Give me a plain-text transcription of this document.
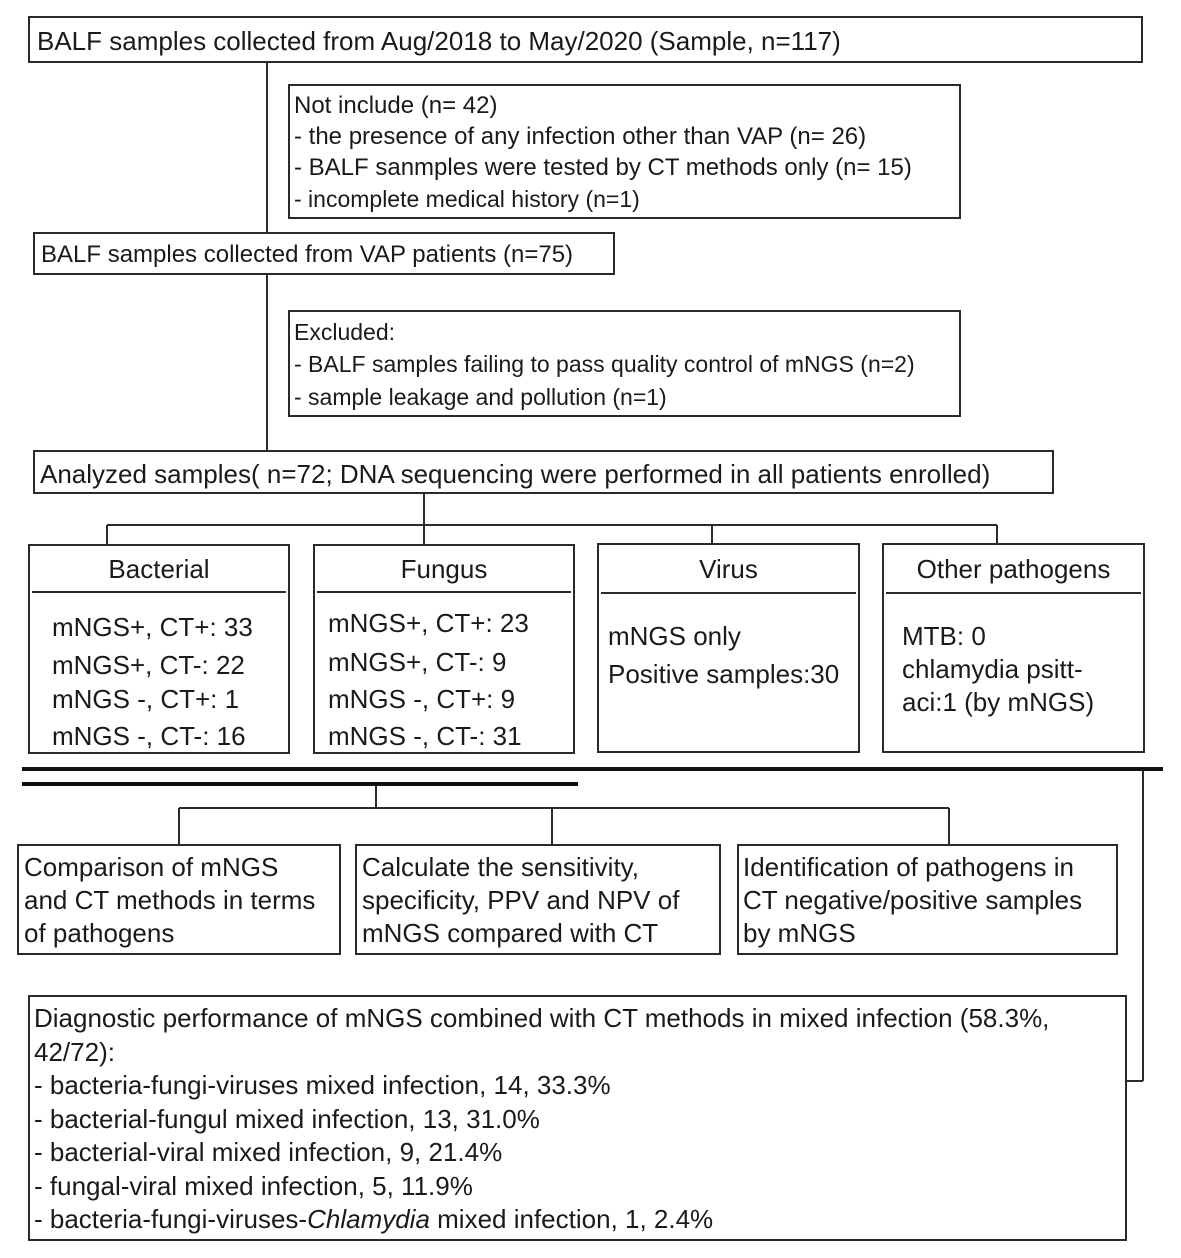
BALF samples collected from Aug/2018 to May/2020 (Sample, n=117)
Not include (n= 42)
- the presence of any infection other than VAP (n= 26)
- BALF sanmples were tested by CT methods only (n= 15)
- incomplete medical history (n=1)
BALF samples collected from VAP patients (n=75)
Excluded:
- BALF samples failing to pass quality control of mNGS (n=2)
- sample leakage and pollution (n=1)
Analyzed samples( n=72; DNA sequencing were performed in all patients enrolled)
Bacterial
mNGS+, CT+: 33
mNGS+, CT-: 22
mNGS -, CT+: 1
mNGS -, CT-: 16
Fungus
mNGS+, CT+: 23
mNGS+, CT-: 9
mNGS -, CT+: 9
mNGS -, CT-: 31
Virus
mNGS only
Positive samples:30
Other pathogens
MTB: 0
chlamydia psitt-
aci:1 (by mNGS)
Comparison of mNGS
and CT methods in terms
of pathogens
Calculate the sensitivity,
specificity, PPV and NPV of
mNGS compared with CT
Identification of pathogens in
CT negative/positive samples
by mNGS
Diagnostic performance of mNGS combined with CT methods in mixed infection (58.3%,
42/72):
- bacteria-fungi-viruses mixed infection, 14, 33.3%
- bacterial-fungul mixed infection, 13, 31.0%
- bacterial-viral mixed infection, 9, 21.4%
- fungal-viral mixed infection, 5, 11.9%
- bacteria-fungi-viruses-Chlamydia mixed infection, 1, 2.4%
